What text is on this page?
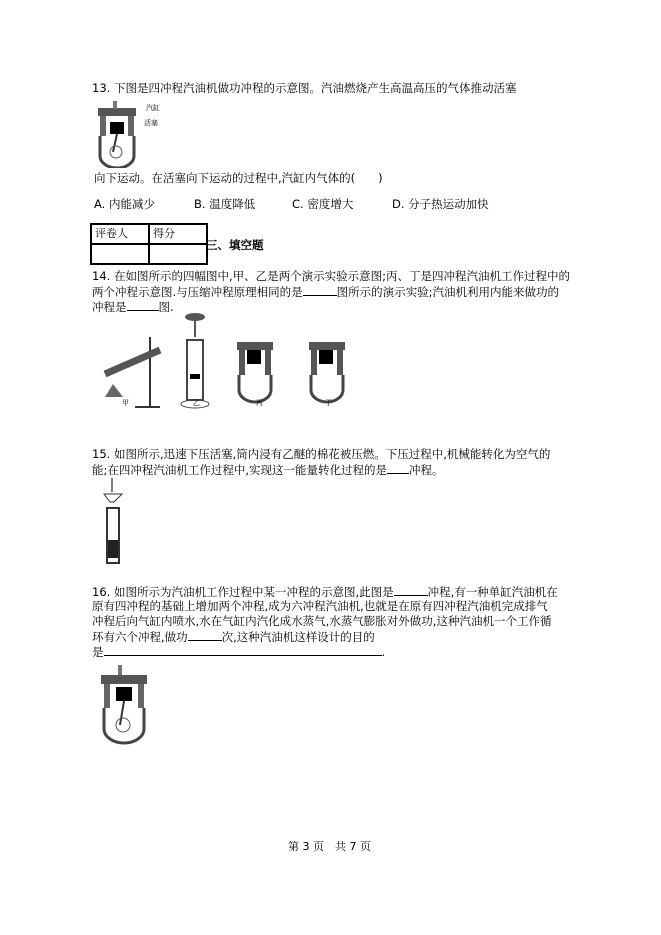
13. 下图是四冲程汽油机做功冲程的示意图。汽油燃烧产生高温高压的气体推动活塞
汽缸
活塞
向下运动。在活塞向下运动的过程中,汽缸内气体的(　　)
A. 内能减少	B. 温度降低	C. 密度增大	D. 分子热运动加快
评卷人	得分

三、填空题
14. 在如图所示的四幅图中,甲、乙是两个演示实验示意图;丙、丁是四冲程汽油机工作过程中的
两个冲程示意图.与压缩冲程原理相同的是	图所示的演示实验;汽油机利用内能来做功的
冲程是	图.
甲	乙	丙	丁
15. 如图所示,迅速下压活塞,筒内浸有乙醚的棉花被压燃。下压过程中,机械能转化为空气的
能;在四冲程汽油机工作过程中,实现这一能量转化过程的是 冲程。
16. 如图所示为汽油机工作过程中某一冲程的示意图,此图是	冲程,有一种单缸汽油机在
原有四冲程的基础上增加两个冲程,成为六冲程汽油机,也就是在原有四冲程汽油机完成排气
冲程后向气缸内喷水,水在气缸内汽化成水蒸气,水蒸气膨胀对外做功,这种汽油机一个工作循
环有六个冲程,做功	次,这种汽油机这样设计的目的
是	.
第 3 页　共 7 页
